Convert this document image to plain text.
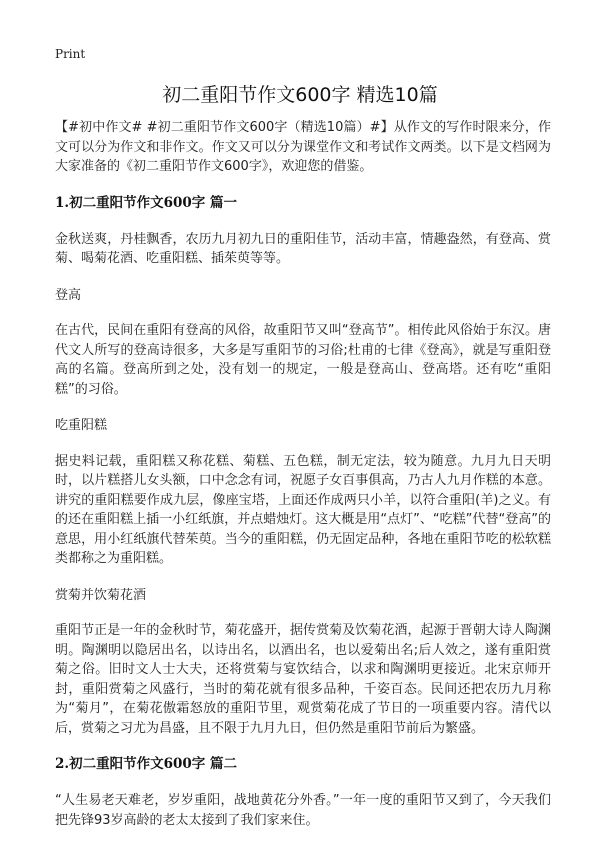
Print
初二重阳节作文600字 精选10篇

【#初中作文# #初二重阳节作文600字（精选10篇）#】从作文的写作时限来分，作文可以分为作文和非作文。作文又可以分为课堂作文和考试作文两类。以下是文档网为大家准备的《初二重阳节作文600字》，欢迎您的借鉴。

1.初二重阳节作文600字 篇一

金秋送爽，丹桂飘香，农历九月初九日的重阳佳节，活动丰富，情趣盎然，有登高、赏菊、喝菊花酒、吃重阳糕、插茱萸等等。

登高

在古代，民间在重阳有登高的风俗，故重阳节又叫“登高节”。相传此风俗始于东汉。唐代文人所写的登高诗很多，大多是写重阳节的习俗;杜甫的七律《登高》，就是写重阳登高的名篇。登高所到之处，没有划一的规定，一般是登高山、登高塔。还有吃“重阳糕”的习俗。

吃重阳糕

据史料记载，重阳糕又称花糕、菊糕、五色糕，制无定法，较为随意。九月九日天明时，以片糕搭儿女头额，口中念念有词，祝愿子女百事俱高，乃古人九月作糕的本意。讲究的重阳糕要作成九层，像座宝塔，上面还作成两只小羊，以符合重阳(羊)之义。有的还在重阳糕上插一小红纸旗，并点蜡烛灯。这大概是用“点灯”、“吃糕”代替“登高”的意思，用小红纸旗代替茱萸。当今的重阳糕，仍无固定品种，各地在重阳节吃的松软糕类都称之为重阳糕。

赏菊并饮菊花酒

重阳节正是一年的金秋时节，菊花盛开，据传赏菊及饮菊花酒，起源于晋朝大诗人陶渊明。陶渊明以隐居出名，以诗出名，以酒出名，也以爱菊出名;后人效之，遂有重阳赏菊之俗。旧时文人士大夫，还将赏菊与宴饮结合，以求和陶渊明更接近。北宋京师开封，重阳赏菊之风盛行，当时的菊花就有很多品种，千姿百态。民间还把农历九月称为“菊月”，在菊花傲霜怒放的重阳节里，观赏菊花成了节日的一项重要内容。清代以后，赏菊之习尤为昌盛，且不限于九月九日，但仍然是重阳节前后为繁盛。

2.初二重阳节作文600字 篇二

“人生易老天难老，岁岁重阳，战地黄花分外香。”一年一度的重阳节又到了，今天我们把先锋93岁高龄的老太太接到了我们家来住。
